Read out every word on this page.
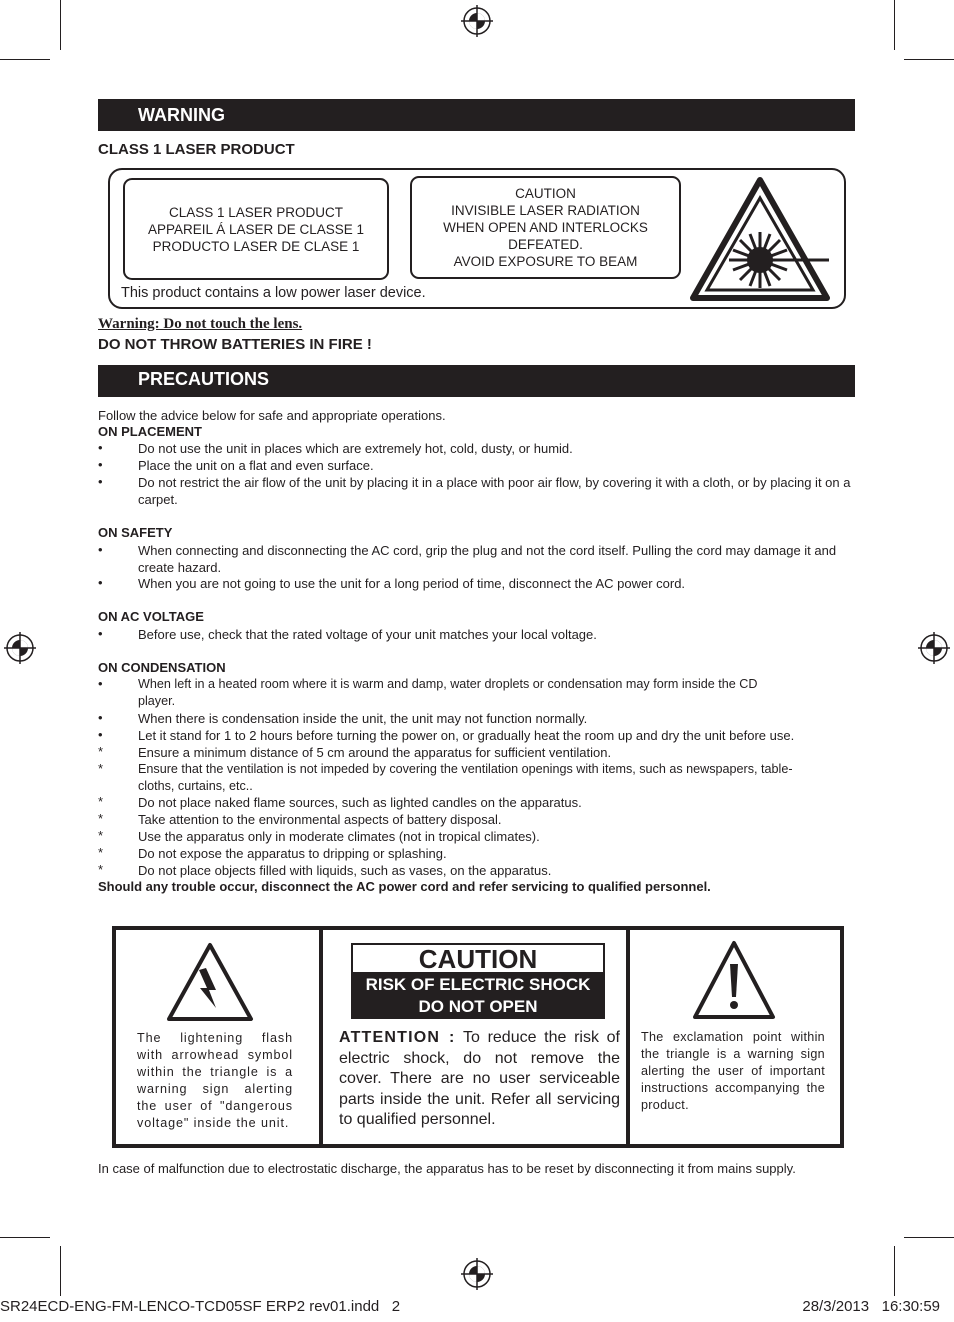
WARNING
CLASS 1 LASER PRODUCT
CLASS 1 LASER PRODUCT
APPAREIL Á LASER DE CLASSE 1
PRODUCTO LASER DE CLASE 1
CAUTION
INVISIBLE LASER RADIATION
WHEN OPEN AND INTERLOCKS
DEFEATED.
AVOID EXPOSURE TO BEAM
This product contains a low power laser device.
Warning: Do not touch the lens.
DO NOT THROW BATTERIES IN FIRE !
PRECAUTIONS
Follow the advice below for safe and appropriate operations.
ON PLACEMENT
•	Do not use the unit in places which are extremely hot, cold, dusty, or humid.
•	Place the unit on a flat and even surface.
•	Do not restrict the air flow of the unit by placing it in a place with poor air flow, by covering it with a cloth, or by placing it on a carpet.
ON SAFETY
•	When connecting and disconnecting the AC cord, grip the plug and not the cord itself. Pulling the cord may damage it and create hazard.
•	When you are not going to use the unit for a long period of time, disconnect the AC power cord.
ON AC VOLTAGE
•	Before use, check that the rated voltage of your unit matches your local voltage.
ON CONDENSATION
•	When left in a heated room where it is warm and damp, water droplets or condensation may form inside the CD player.
•	When there is condensation inside the unit, the unit may not function normally.
•	Let it stand for 1 to 2 hours before turning the power on, or gradually heat the room up and dry the unit before use.
*	Ensure a minimum distance of 5 cm around the apparatus for sufficient ventilation.
*	Ensure that the ventilation is not impeded by covering the ventilation openings with items, such as newspapers, table-cloths, curtains, etc..
*	Do not place naked flame sources, such as lighted candles on the apparatus.
*	Take attention to the environmental aspects of battery disposal.
*	Use the apparatus only in moderate climates (not in tropical climates).
*	Do not expose the apparatus to dripping or splashing.
*	Do not place objects filled with liquids, such as vases, on the apparatus.
Should any trouble occur, disconnect the AC power cord and refer servicing to qualified personnel.
The lightening flash with arrowhead symbol within the triangle is a warning sign alerting the user of "dangerous voltage" inside the unit.
CAUTION
RISK OF ELECTRIC SHOCK
DO NOT OPEN
ATTENTION : To reduce the risk of electric shock, do not remove the cover. There are no user serviceable parts inside the unit. Refer all servicing to qualified personnel.
The exclamation point within the triangle is a warning sign alerting the user of important instructions accompanying the product.
In case of malfunction due to electrostatic discharge, the apparatus has to be reset by disconnecting it from mains supply.
SR24ECD-ENG-FM-LENCO-TCD05SF ERP2 rev01.indd   2	28/3/2013   16:30:59
